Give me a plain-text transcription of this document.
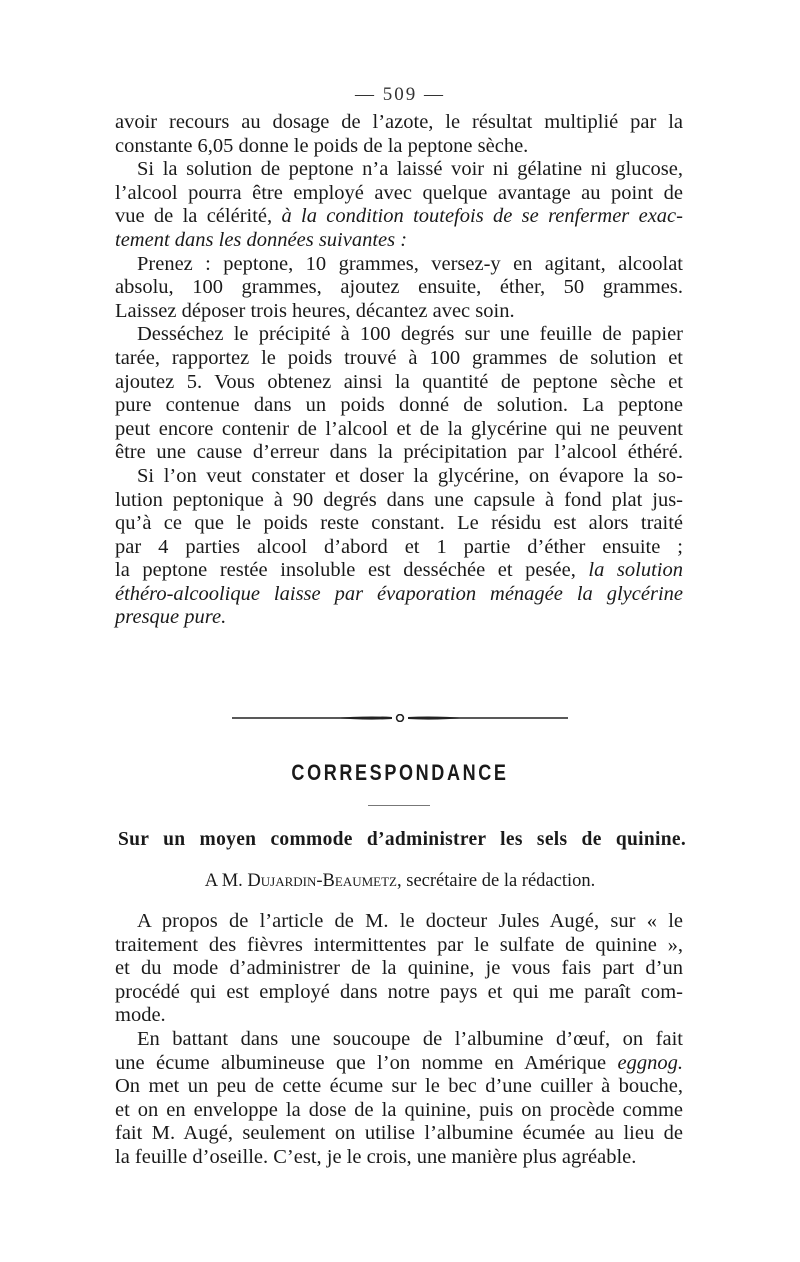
— 509 —
avoir recours au dosage de l’azote, le résultat multiplié par la
constante 6,05 donne le poids de la peptone sèche.
Si la solution de peptone n’a laissé voir ni gélatine ni glucose,
l’alcool pourra être employé avec quelque avantage au point de
vue de la célérité, à la condition toutefois de se renfermer exac-
tement dans les données suivantes :
Prenez : peptone, 10 grammes, versez-y en agitant, alcoolat
absolu, 100 grammes, ajoutez ensuite, éther, 50 grammes.
Laissez déposer trois heures, décantez avec soin.
Desséchez le précipité à 100 degrés sur une feuille de papier
tarée, rapportez le poids trouvé à 100 grammes de solution et
ajoutez 5. Vous obtenez ainsi la quantité de peptone sèche et
pure contenue dans un poids donné de solution. La peptone
peut encore contenir de l’alcool et de la glycérine qui ne peuvent
être une cause d’erreur dans la précipitation par l’alcool éthéré.
Si l’on veut constater et doser la glycérine, on évapore la so-
lution peptonique à 90 degrés dans une capsule à fond plat jus-
qu’à ce que le poids reste constant. Le résidu est alors traité
par 4 parties alcool d’abord et 1 partie d’éther ensuite ;
la peptone restée insoluble est desséchée et pesée, la solution
éthéro-alcoolique laisse par évaporation ménagée la glycérine
presque pure.
CORRESPONDANCE
Sur un moyen commode d’administrer les sels de quinine.
A M. Dujardin-Beaumetz, secrétaire de la rédaction.
A propos de l’article de M. le docteur Jules Augé, sur « le
traitement des fièvres intermittentes par le sulfate de quinine »,
et du mode d’administrer de la quinine, je vous fais part d’un
procédé qui est employé dans notre pays et qui me paraît com-
mode.
En battant dans une soucoupe de l’albumine d’œuf, on fait
une écume albumineuse que l’on nomme en Amérique eggnog.
On met un peu de cette écume sur le bec d’une cuiller à bouche,
et on en enveloppe la dose de la quinine, puis on procède comme
fait M. Augé, seulement on utilise l’albumine écumée au lieu de
la feuille d’oseille. C’est, je le crois, une manière plus agréable.
